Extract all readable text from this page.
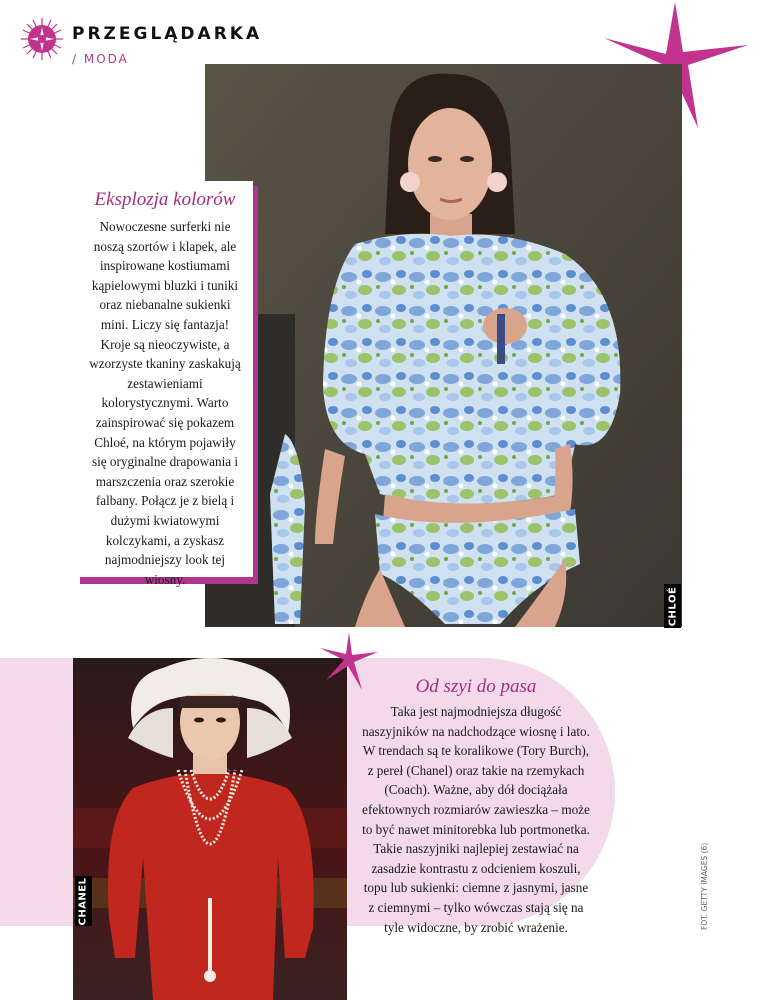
PRZEGLĄDARKA
/ MODA
CHLOÉ
Eksplozja kolorów

Nowoczesne surferki nie noszą szortów i klapek, ale inspirowane kostiumami kąpielowymi bluzki i tuniki oraz niebanalne sukienki mini. Liczy się fantazja! Kroje są nieoczywiste, a wzorzyste tkaniny zaskakują zestawieniami kolorystycznymi. Warto zainspirować się pokazem Chloé, na którym pojawiły się oryginalne drapowania i marszczenia oraz szerokie falbany. Połącz je z bielą i dużymi kwiatowymi kolczykami, a zyskasz najmodniejszy look tej wiosny.

CHANEL
Od szyi do pasa

Taka jest najmodniejsza długość naszyjników na nadchodzące wiosnę i lato. W trendach są te koralikowe (Tory Burch), z pereł (Chanel) oraz takie na rzemykach (Coach). Ważne, aby dół dociążała efektownych rozmiarów zawieszka – może to być nawet minitorebka lub portmonetka. Takie naszyjniki najlepiej zestawiać na zasadzie kontrastu z odcieniem koszuli, topu lub sukienki: ciemne z jasnymi, jasne z ciemnymi – tylko wówczas stają się na tyle widoczne, by zrobić wrażenie.	FOT. GETTY IMAGES (6)
